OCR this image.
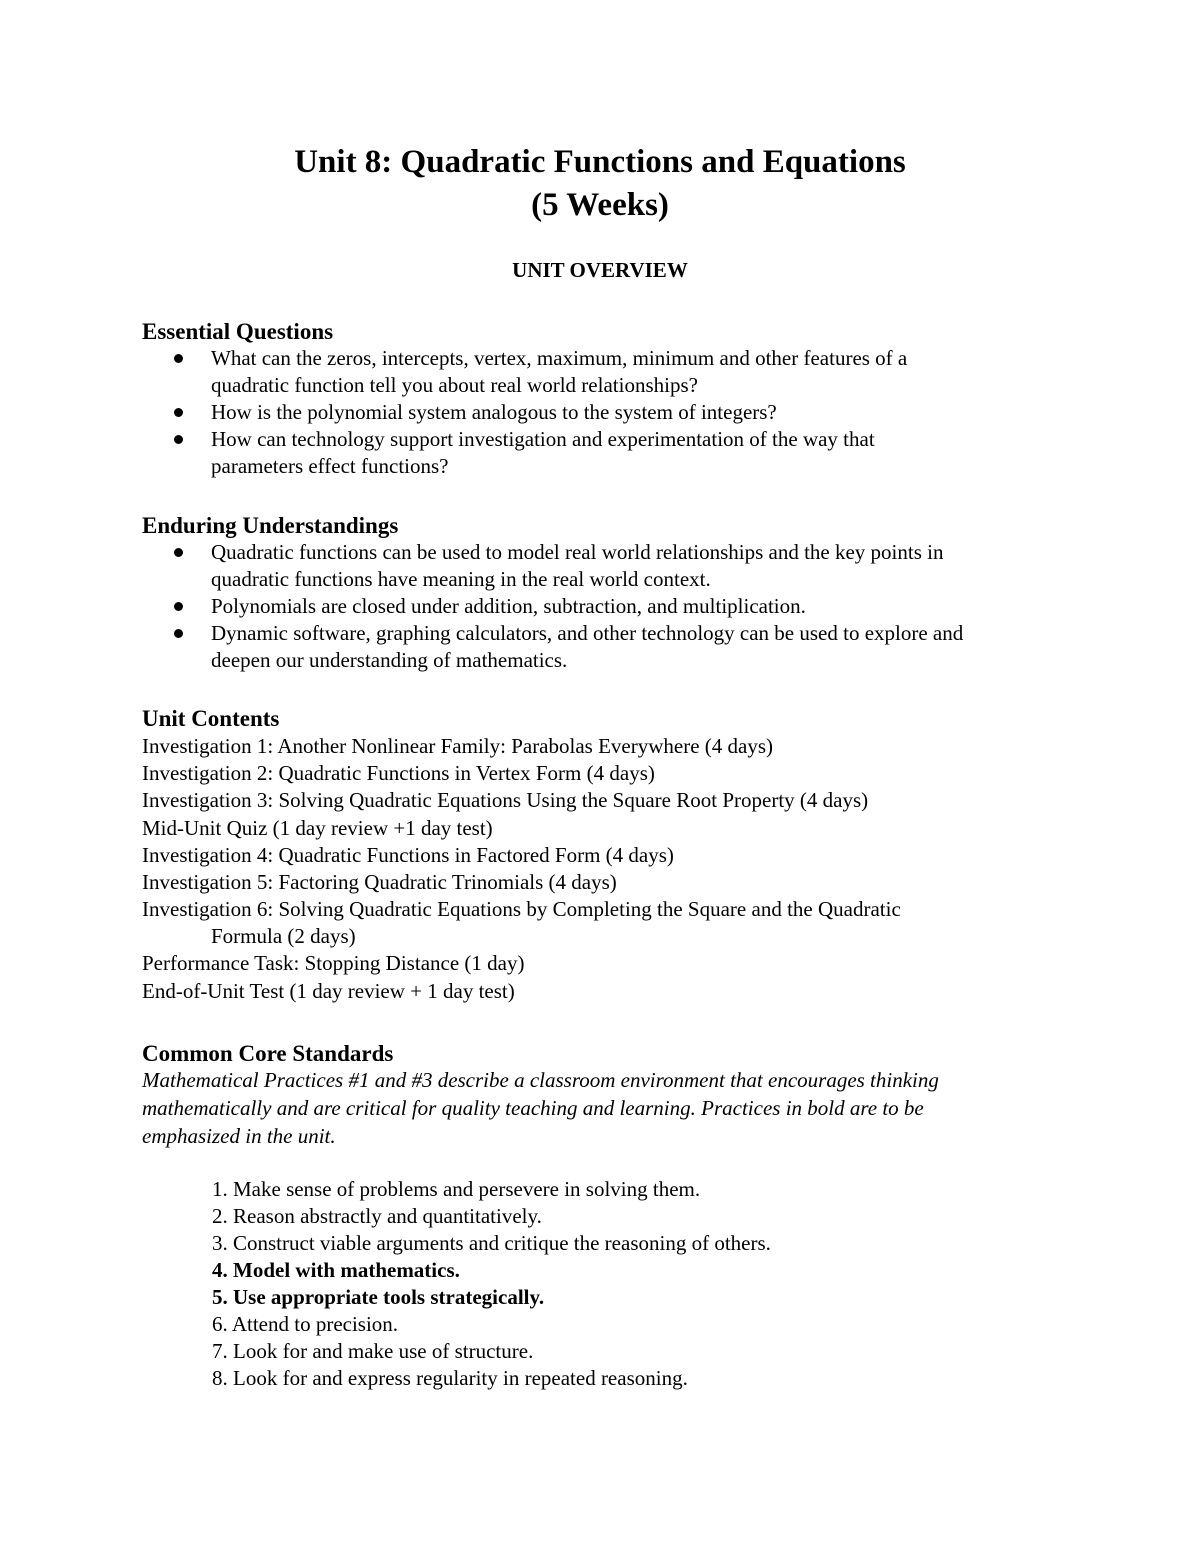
Unit 8: Quadratic Functions and Equations
(5 Weeks)
UNIT OVERVIEW
Essential Questions
What can the zeros, intercepts, vertex, maximum, minimum and other features of a
quadratic function tell you about real world relationships?
How is the polynomial system analogous to the system of integers?
How can technology support investigation and experimentation of the way that
parameters effect functions?
Enduring Understandings
Quadratic functions can be used to model real world relationships and the key points in
quadratic functions have meaning in the real world context.
Polynomials are closed under addition, subtraction, and multiplication.
Dynamic software, graphing calculators, and other technology can be used to explore and
deepen our understanding of mathematics.
Unit Contents
Investigation 1: Another Nonlinear Family: Parabolas Everywhere (4 days)
Investigation 2: Quadratic Functions in Vertex Form (4 days)
Investigation 3: Solving Quadratic Equations Using the Square Root Property (4 days)
Mid-Unit Quiz (1 day review +1 day test)
Investigation 4: Quadratic Functions in Factored Form (4 days)
Investigation 5: Factoring Quadratic Trinomials (4 days)
Investigation 6: Solving Quadratic Equations by Completing the Square and the Quadratic
Formula (2 days)
Performance Task: Stopping Distance (1 day)
End-of-Unit Test (1 day review + 1 day test)
Common Core Standards
Mathematical Practices #1 and #3 describe a classroom environment that encourages thinking
mathematically and are critical for quality teaching and learning. Practices in bold are to be
emphasized in the unit.
1. Make sense of problems and persevere in solving them.
2. Reason abstractly and quantitatively.
3. Construct viable arguments and critique the reasoning of others.
4. Model with mathematics.
5. Use appropriate tools strategically.
6. Attend to precision.
7. Look for and make use of structure.
8. Look for and express regularity in repeated reasoning.
